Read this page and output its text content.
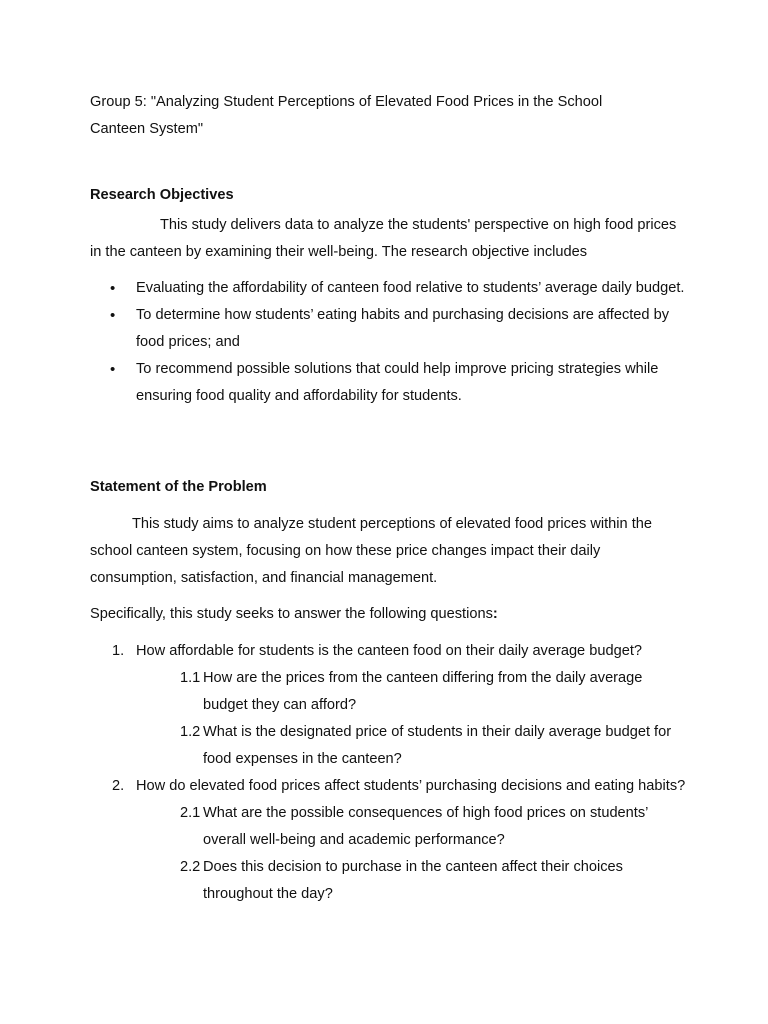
Group 5: "Analyzing Student Perceptions of Elevated Food Prices in the School Canteen System"

Research Objectives

This study delivers data to analyze the students' perspective on high food prices in the canteen by examining their well-being. The research objective includes

• Evaluating the affordability of canteen food relative to students’ average daily budget.
• To determine how students’ eating habits and purchasing decisions are affected by food prices; and
• To recommend possible solutions that could help improve pricing strategies while ensuring food quality and affordability for students.

Statement of the Problem

This study aims to analyze student perceptions of elevated food prices within the school canteen system, focusing on how these price changes impact their daily consumption, satisfaction, and financial management.

Specifically, this study seeks to answer the following questions:

1. How affordable for students is the canteen food on their daily average budget?
1.1 How are the prices from the canteen differing from the daily average budget they can afford?
1.2 What is the designated price of students in their daily average budget for food expenses in the canteen?
2. How do elevated food prices affect students’ purchasing decisions and eating habits?
2.1 What are the possible consequences of high food prices on students’ overall well-being and academic performance?
2.2 Does this decision to purchase in the canteen affect their choices throughout the day?
